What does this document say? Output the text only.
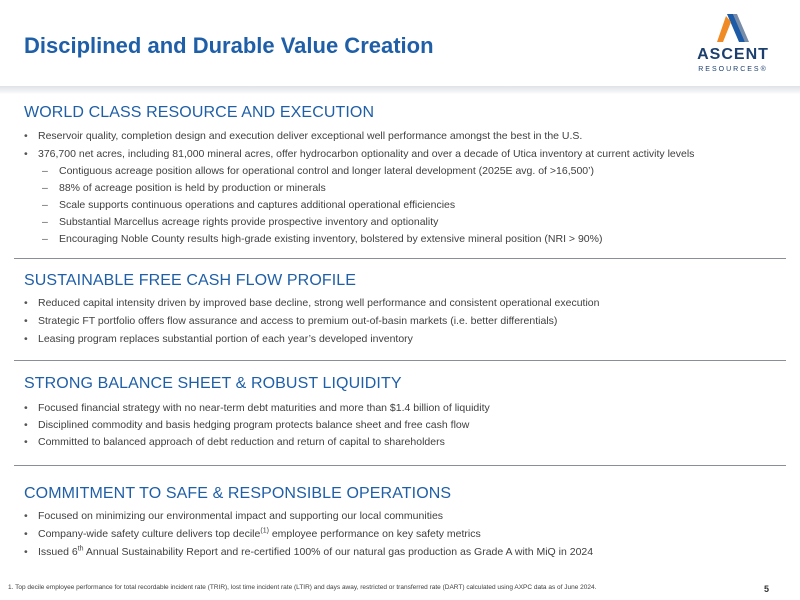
Disciplined and Durable Value Creation	ASCENT
RESOURCES®
WORLD CLASS RESOURCE AND EXECUTION
• Reservoir quality, completion design and execution deliver exceptional well performance amongst the best in the U.S.
• 376,700 net acres, including 81,000 mineral acres, offer hydrocarbon optionality and over a decade of Utica inventory at current activity levels
– Contiguous acreage position allows for operational control and longer lateral development (2025E avg. of >16,500’)
– 88% of acreage position is held by production or minerals
– Scale supports continuous operations and captures additional operational efficiencies
– Substantial Marcellus acreage rights provide prospective inventory and optionality
– Encouraging Noble County results high-grade existing inventory, bolstered by extensive mineral position (NRI > 90%)
SUSTAINABLE FREE CASH FLOW PROFILE
• Reduced capital intensity driven by improved base decline, strong well performance and consistent operational execution
• Strategic FT portfolio offers flow assurance and access to premium out-of-basin markets (i.e. better differentials)
• Leasing program replaces substantial portion of each year’s developed inventory
STRONG BALANCE SHEET & ROBUST LIQUIDITY
• Focused financial strategy with no near-term debt maturities and more than $1.4 billion of liquidity
• Disciplined commodity and basis hedging program protects balance sheet and free cash flow
• Committed to balanced approach of debt reduction and return of capital to shareholders
COMMITMENT TO SAFE & RESPONSIBLE OPERATIONS
• Focused on minimizing our environmental impact and supporting our local communities
• Company-wide safety culture delivers top decile$^{(1)}$ employee performance on key safety metrics
• Issued 6th Annual Sustainability Report and re-certified 100% of our natural gas production as Grade A with MiQ in 2024
1. Top decile employee performance for total recordable incident rate (TRIR), lost time incident rate (LTIR) and days away, restricted or transferred rate (DART) calculated using AXPC data as of June 2024.	5
